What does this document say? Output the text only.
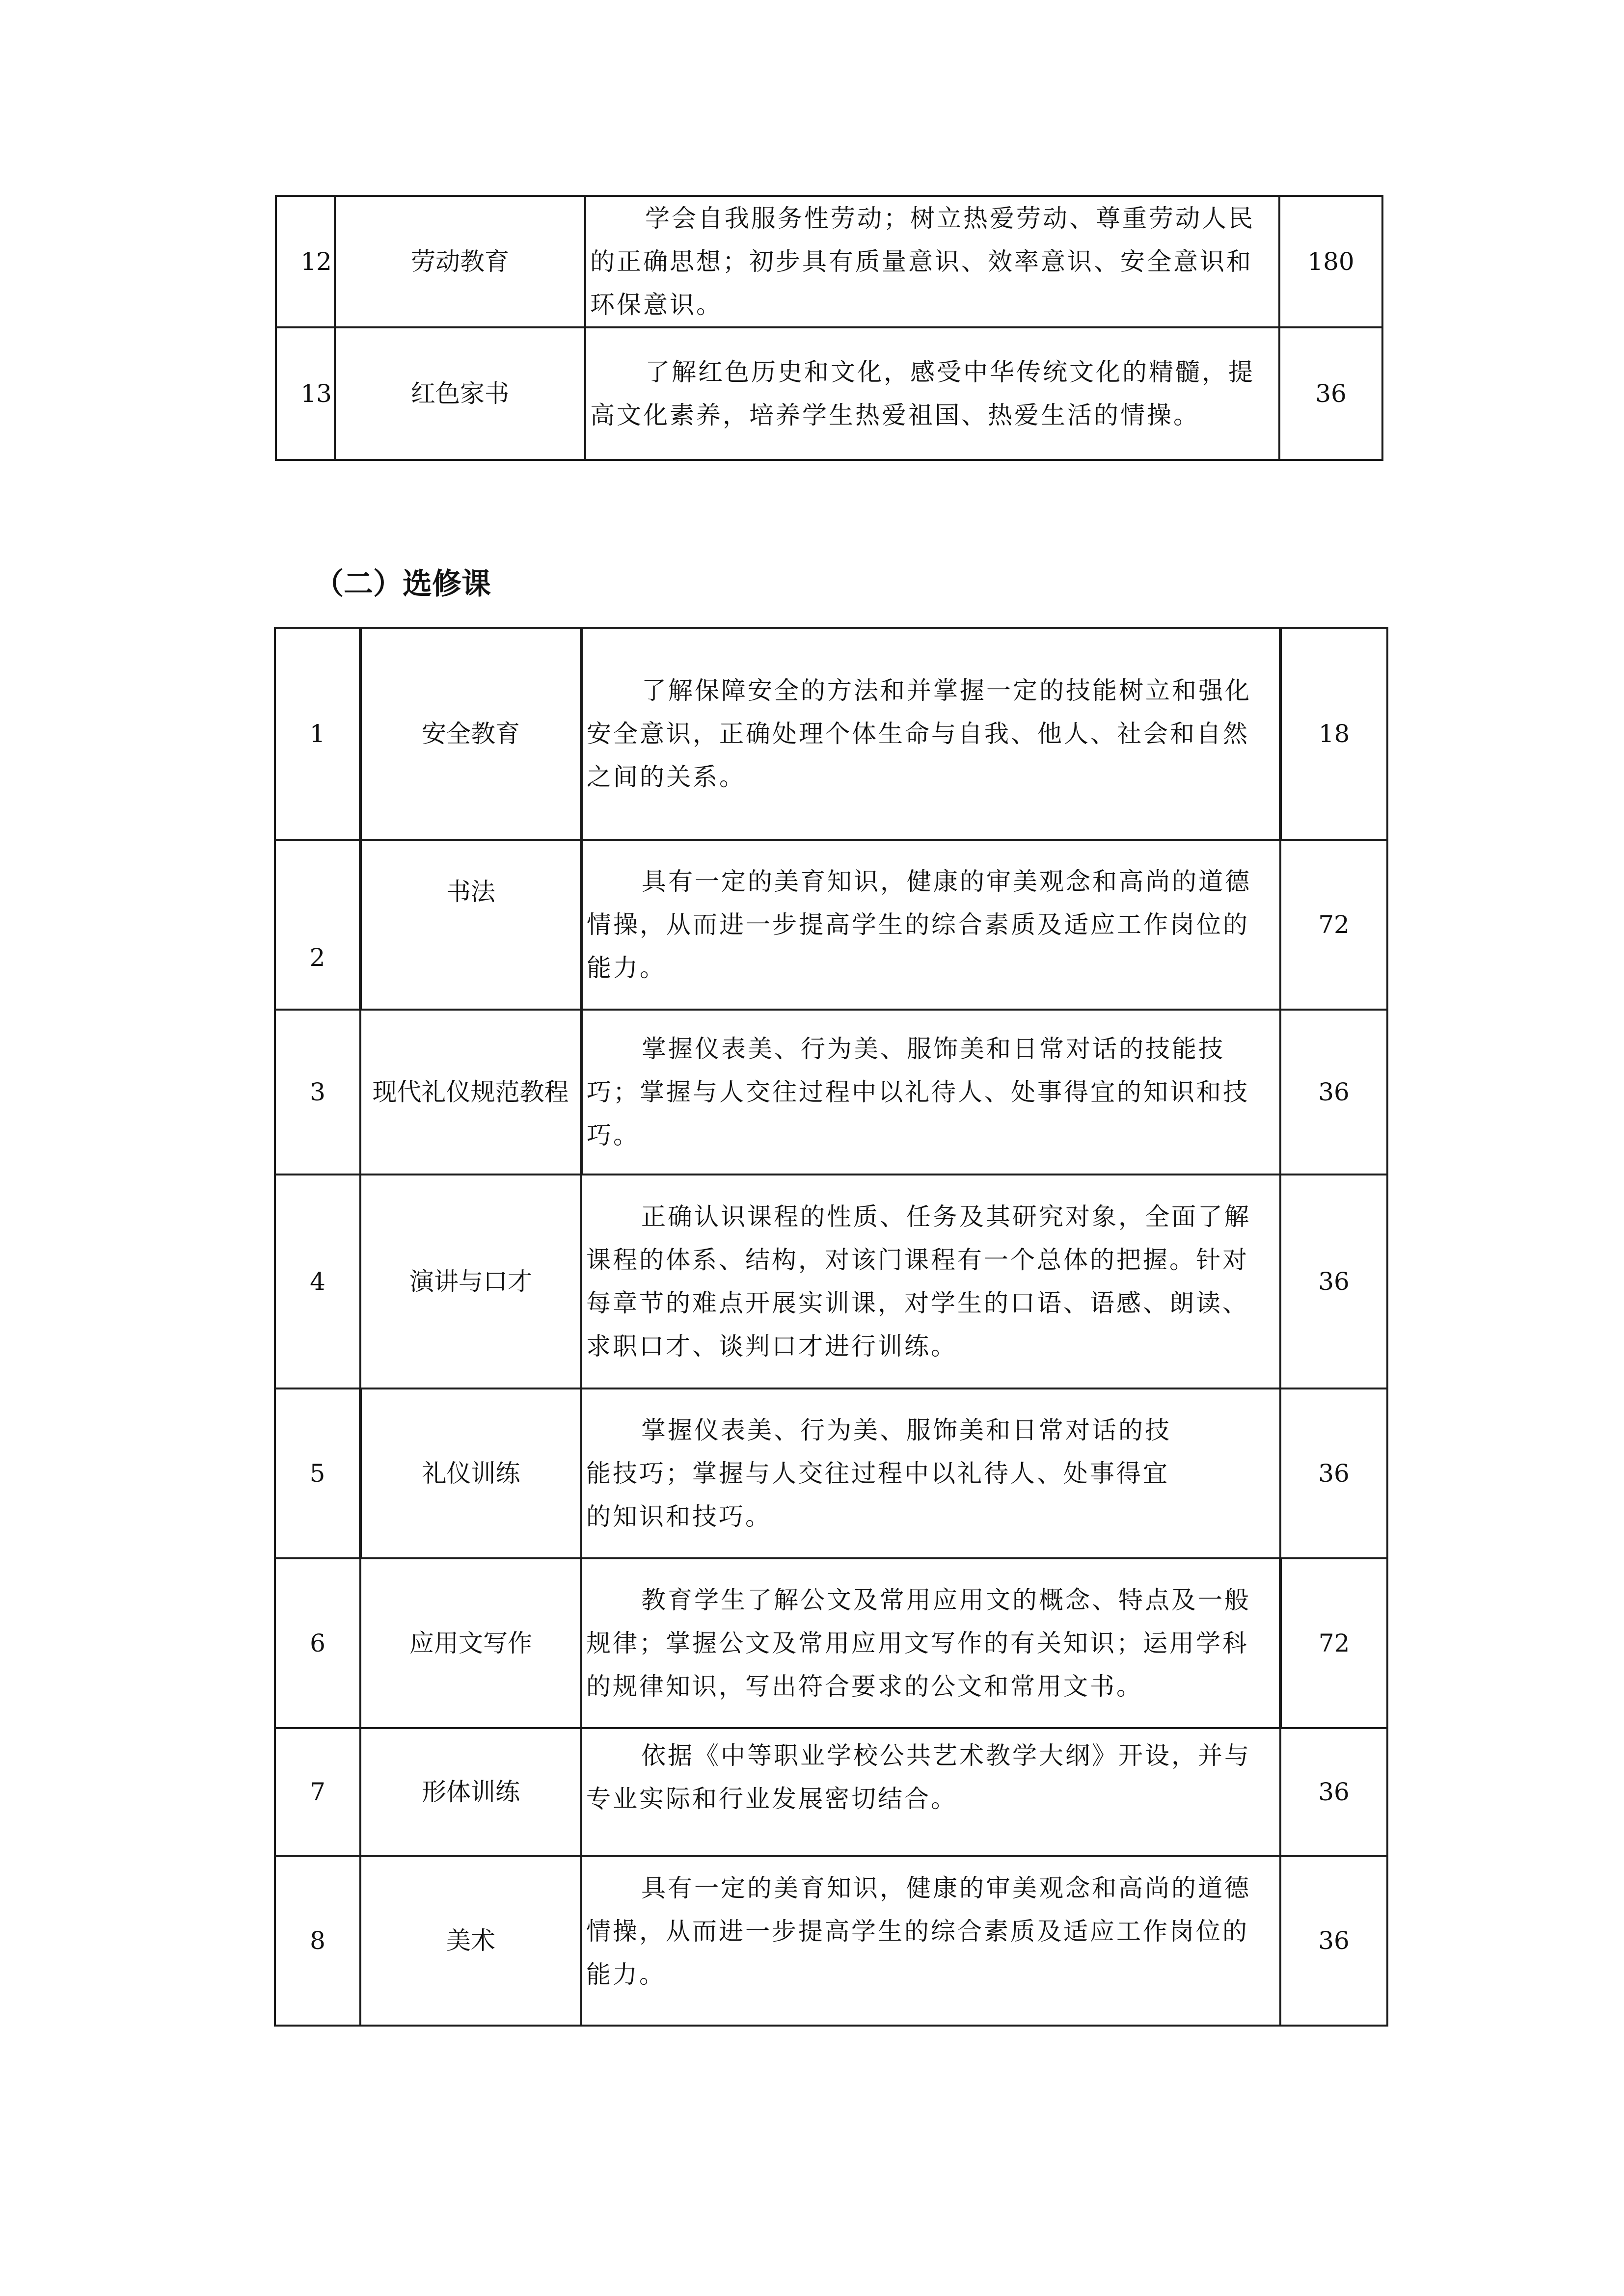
12	劳动教育	学会自我服务性劳动；树立热爱劳动、尊重劳动人民的正确思想；初步具有质量意识、效率意识、安全意识和环保意识。	180
13	红色家书	了解红色历史和文化，感受中华传统文化的精髓，提高文化素养，培养学生热爱祖国、热爱生活的情操。	36
（二）选修课
1	安全教育	了解保障安全的方法和并掌握一定的技能树立和强化安全意识，正确处理个体生命与自我、他人、社会和自然之间的关系。	18
2	书法	具有一定的美育知识，健康的审美观念和高尚的道德情操，从而进一步提高学生的综合素质及适应工作岗位的能力。	72
3	现代礼仪规范教程	掌握仪表美、行为美、服饰美和日常对话的技能技巧；掌握与人交往过程中以礼待人、处事得宜的知识和技巧。	36
4	演讲与口才	正确认识课程的性质、任务及其研究对象，全面了解课程的体系、结构，对该门课程有一个总体的把握。针对每章节的难点开展实训课，对学生的口语、语感、朗读、求职口才、谈判口才进行训练。	36
5	礼仪训练	掌握仪表美、行为美、服饰美和日常对话的技能技巧；掌握与人交往过程中以礼待人、处事得宜的知识和技巧。	36
6	应用文写作	教育学生了解公文及常用应用文的概念、特点及一般规律；掌握公文及常用应用文写作的有关知识；运用学科的规律知识，写出符合要求的公文和常用文书。	72
7	形体训练	依据《中等职业学校公共艺术教学大纲》开设，并与专业实际和行业发展密切结合。	36
8	美术	具有一定的美育知识，健康的审美观念和高尚的道德情操，从而进一步提高学生的综合素质及适应工作岗位的能力。	36
